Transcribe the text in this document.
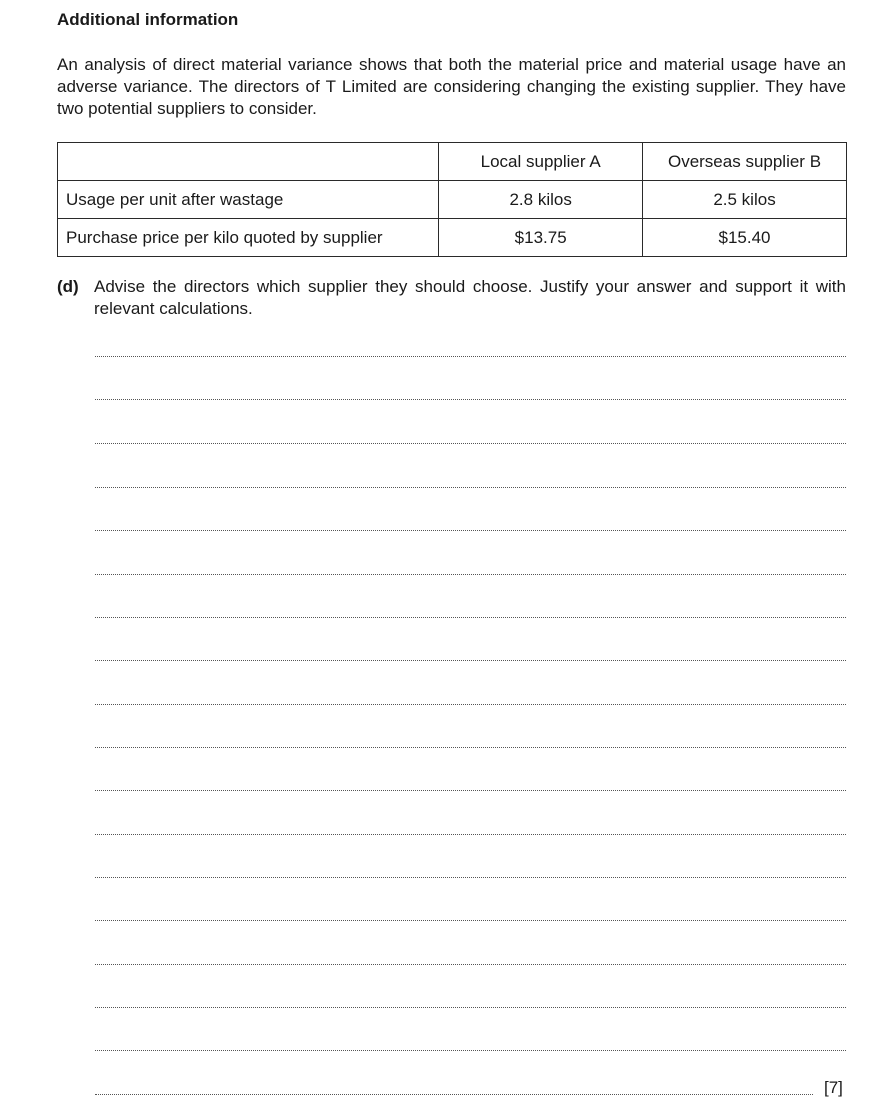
Additional information
An analysis of direct material variance shows that both the material price and material usage have an adverse variance. The directors of T Limited are considering changing the existing supplier. They have two potential suppliers to consider.
	Local supplier A	Overseas supplier B
Usage per unit after wastage	2.8 kilos	2.5 kilos
Purchase price per kilo quoted by supplier	$13.75	$15.40
(d) Advise the directors which supplier they should choose. Justify your answer and support it with relevant calculations.
[7]
